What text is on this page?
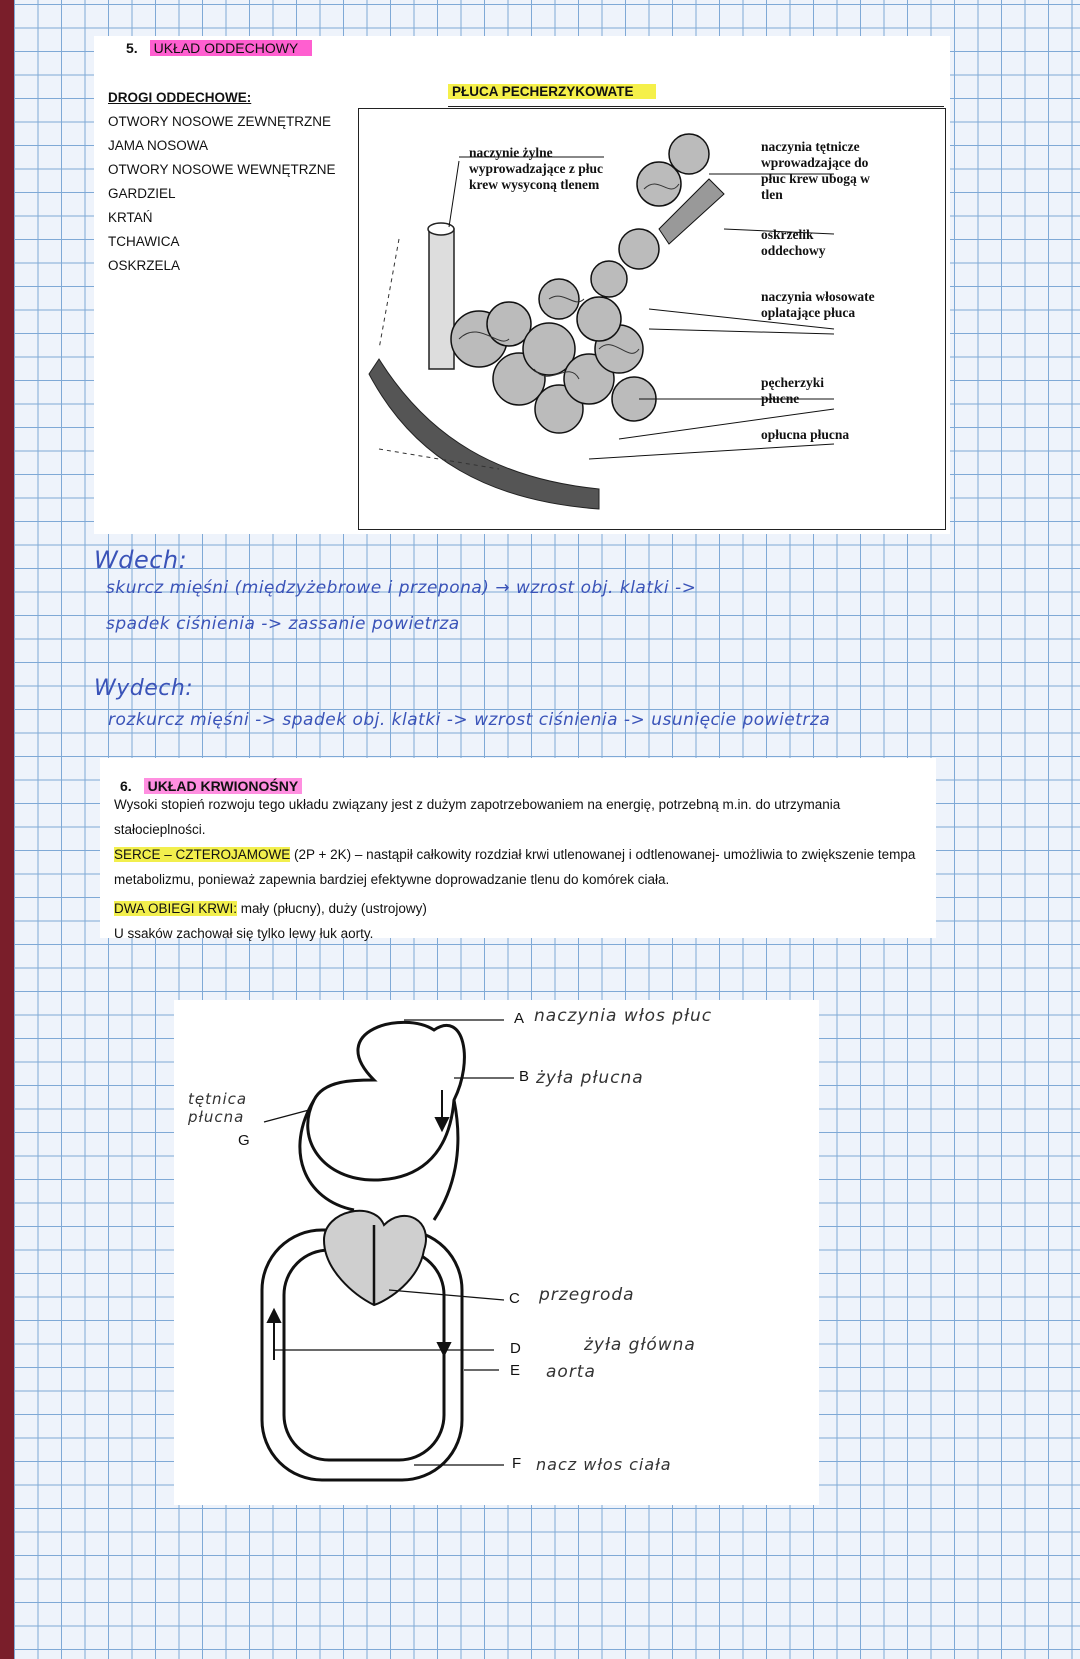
5. UKŁAD ODDECHOWY
DROGI ODDECHOWE:
OTWORY NOSOWE ZEWNĘTRZNE
JAMA NOSOWA
OTWORY NOSOWE WEWNĘTRZNE
GARDZIEL
KRTAŃ
TCHAWICA
OSKRZELA
PŁUCA PECHERZYKOWATE
naczynie żylne wyprowadzające z płuc krew wysyconą tlenem
naczynia tętnicze wprowadzające do płuc krew ubogą w tlen
oskrzelik oddechowy
naczynia włosowate oplatające płuca
pęcherzyki płucne
opłucna płucna
Wdech:
skurcz mięśni (międzyżebrowe i przepona) → wzrost obj. klatki ->
spadek ciśnienia -> zassanie powietrza
Wydech:
rozkurcz mięśni -> spadek obj. klatki -> wzrost ciśnienia -> usunięcie powietrza
6. UKŁAD KRWIONOŚNY

Wysoki stopień rozwoju tego układu związany jest z dużym zapotrzebowaniem na energię, potrzebną m.in. do utrzymania stałocieplności.

SERCE – CZTEROJAMOWE (2P + 2K) – nastąpił całkowity rozdział krwi utlenowanej i odtlenowanej- umożliwia to zwiększenie tempa metabolizmu, ponieważ zapewnia bardziej efektywne doprowadzanie tlenu do komórek ciała.

DWA OBIEGI KRWI: mały (płucny), duży (ustrojowy)

U ssaków zachował się tylko lewy łuk aorty.

A naczynia włos płuc
B żyła płucna
C przegroda
D	żyła główna
E aorta
F nacz włos ciała
G
tętnica płucna
